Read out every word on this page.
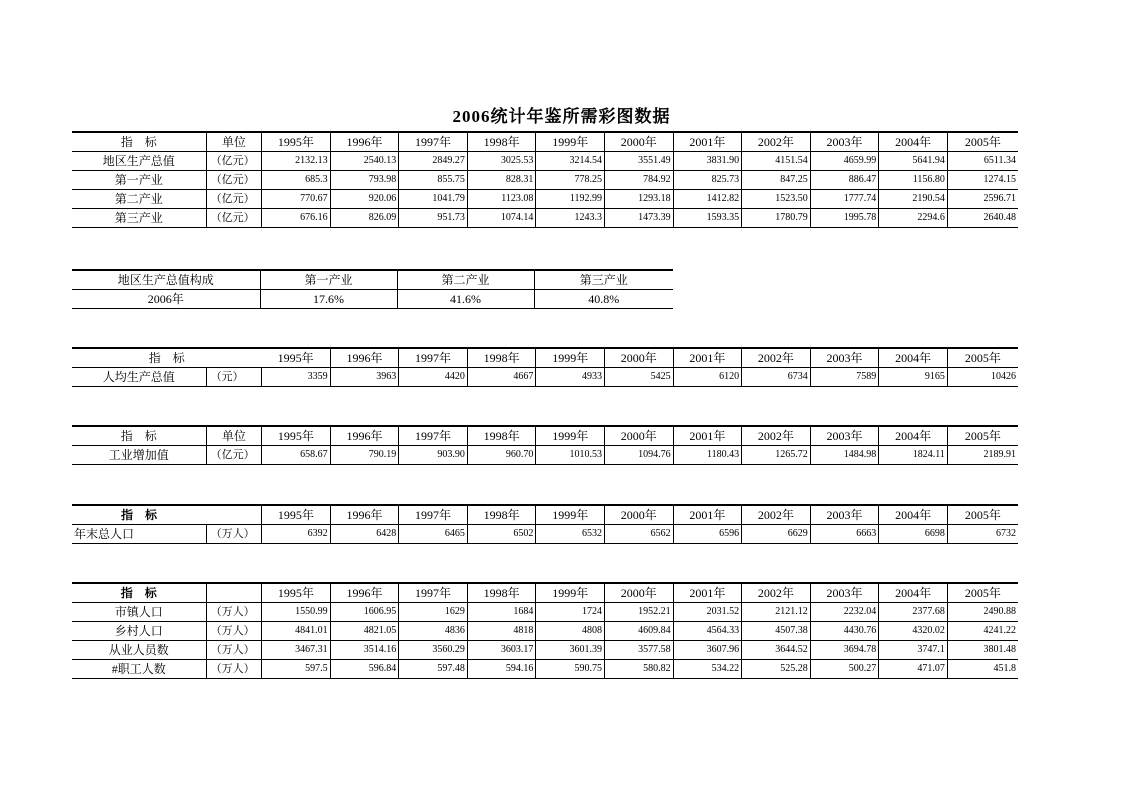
2006统计年鉴所需彩图数据
指　标	单位	1995年	1996年	1997年	1998年	1999年	2000年	2001年	2002年	2003年	2004年	2005年
地区生产总值	（亿元）	2132.13	2540.13	2849.27	3025.53	3214.54	3551.49	3831.90	4151.54	4659.99	5641.94	6511.34
第一产业	（亿元）	685.3	793.98	855.75	828.31	778.25	784.92	825.73	847.25	886.47	1156.80	1274.15
第二产业	（亿元）	770.67	920.06	1041.79	1123.08	1192.99	1293.18	1412.82	1523.50	1777.74	2190.54	2596.71
第三产业	（亿元）	676.16	826.09	951.73	1074.14	1243.3	1473.39	1593.35	1780.79	1995.78	2294.6	2640.48
地区生产总值构成	第一产业	第二产业	第三产业
2006年	17.6%	41.6%	40.8%
指　标		1995年	1996年	1997年	1998年	1999年	2000年	2001年	2002年	2003年	2004年	2005年
人均生产总值	（元）	3359	3963	4420	4667	4933	5425	6120	6734	7589	9165	10426
指　标	单位	1995年	1996年	1997年	1998年	1999年	2000年	2001年	2002年	2003年	2004年	2005年
工业增加值	（亿元）	658.67	790.19	903.90	960.70	1010.53	1094.76	1180.43	1265.72	1484.98	1824.11	2189.91
指　标		1995年	1996年	1997年	1998年	1999年	2000年	2001年	2002年	2003年	2004年	2005年
年末总人口	（万人）	6392	6428	6465	6502	6532	6562	6596	6629	6663	6698	6732
指　标		1995年	1996年	1997年	1998年	1999年	2000年	2001年	2002年	2003年	2004年	2005年
市镇人口	（万人）	1550.99	1606.95	1629	1684	1724	1952.21	2031.52	2121.12	2232.04	2377.68	2490.88
乡村人口	（万人）	4841.01	4821.05	4836	4818	4808	4609.84	4564.33	4507.38	4430.76	4320.02	4241.22
从业人员数	（万人）	3467.31	3514.16	3560.29	3603.17	3601.39	3577.58	3607.96	3644.52	3694.78	3747.1	3801.48
#职工人数	（万人）	597.5	596.84	597.48	594.16	590.75	580.82	534.22	525.28	500.27	471.07	451.8
